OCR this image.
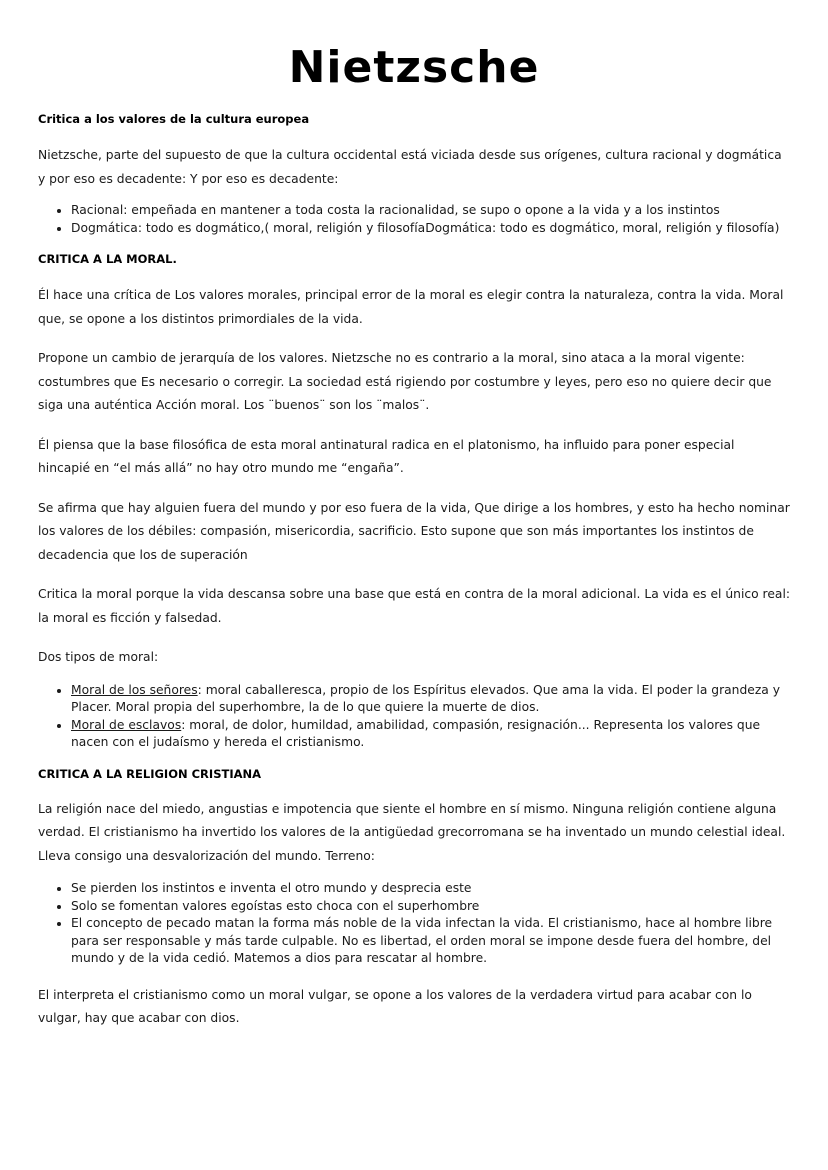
Nietzsche
Critica a los valores de la cultura europea

Nietzsche, parte del supuesto de que la cultura occidental está viciada desde sus orígenes, cultura racional y dogmática y por eso es decadente: Y por eso es decadente:

• Racional: empeñada en mantener a toda costa la racionalidad, se supo o opone a la vida y a los instintos
• Dogmática: todo es dogmático,( moral, religión y filosofíaDogmática: todo es dogmático, moral, religión y filosofía)
CRITICA A LA MORAL.

Él hace una crítica de Los valores morales, principal error de la moral es elegir contra la naturaleza, contra la vida. Moral que, se opone a los distintos primordiales de la vida.

Propone un cambio de jerarquía de los valores. Nietzsche no es contrario a la moral, sino ataca a la moral vigente: costumbres que Es necesario o corregir. La sociedad está rigiendo por costumbre y leyes, pero eso no quiere decir que siga una auténtica Acción moral. Los ¨buenos¨ son los ¨malos¨.

Él piensa que la base filosófica de esta moral antinatural radica en el platonismo, ha influido para poner especial hincapié en “el más allá” no hay otro mundo me “engaña”.

Se afirma que hay alguien fuera del mundo y por eso fuera de la vida, Que dirige a los hombres, y esto ha hecho nominar los valores de los débiles: compasión, misericordia, sacrificio. Esto supone que son más importantes los instintos de decadencia que los de superación

Critica la moral porque la vida descansa sobre una base que está en contra de la moral adicional. La vida es el único real: la moral es ficción y falsedad.

Dos tipos de moral:

• Moral de los señores: moral caballeresca, propio de los Espíritus elevados. Que ama la vida. El poder la grandeza y Placer. Moral propia del superhombre, la de lo que quiere la muerte de dios.
• Moral de esclavos: moral, de dolor, humildad, amabilidad, compasión, resignación... Representa los valores que nacen con el judaísmo y hereda el cristianismo.
CRITICA A LA RELIGION CRISTIANA

La religión nace del miedo, angustias e impotencia que siente el hombre en sí mismo. Ninguna religión contiene alguna verdad. El cristianismo ha invertido los valores de la antigüedad grecorromana se ha inventado un mundo celestial ideal. Lleva consigo una desvalorización del mundo. Terreno:

• Se pierden los instintos e inventa el otro mundo y desprecia este
• Solo se fomentan valores egoístas esto choca con el superhombre
• El concepto de pecado matan la forma más noble de la vida infectan la vida. El cristianismo, hace al hombre libre para ser responsable y más tarde culpable. No es libertad, el orden moral se impone desde fuera del hombre, del mundo y de la vida cedió. Matemos a dios para rescatar al hombre.

El interpreta el cristianismo como un moral vulgar, se opone a los valores de la verdadera virtud para acabar con lo vulgar, hay que acabar con dios.
